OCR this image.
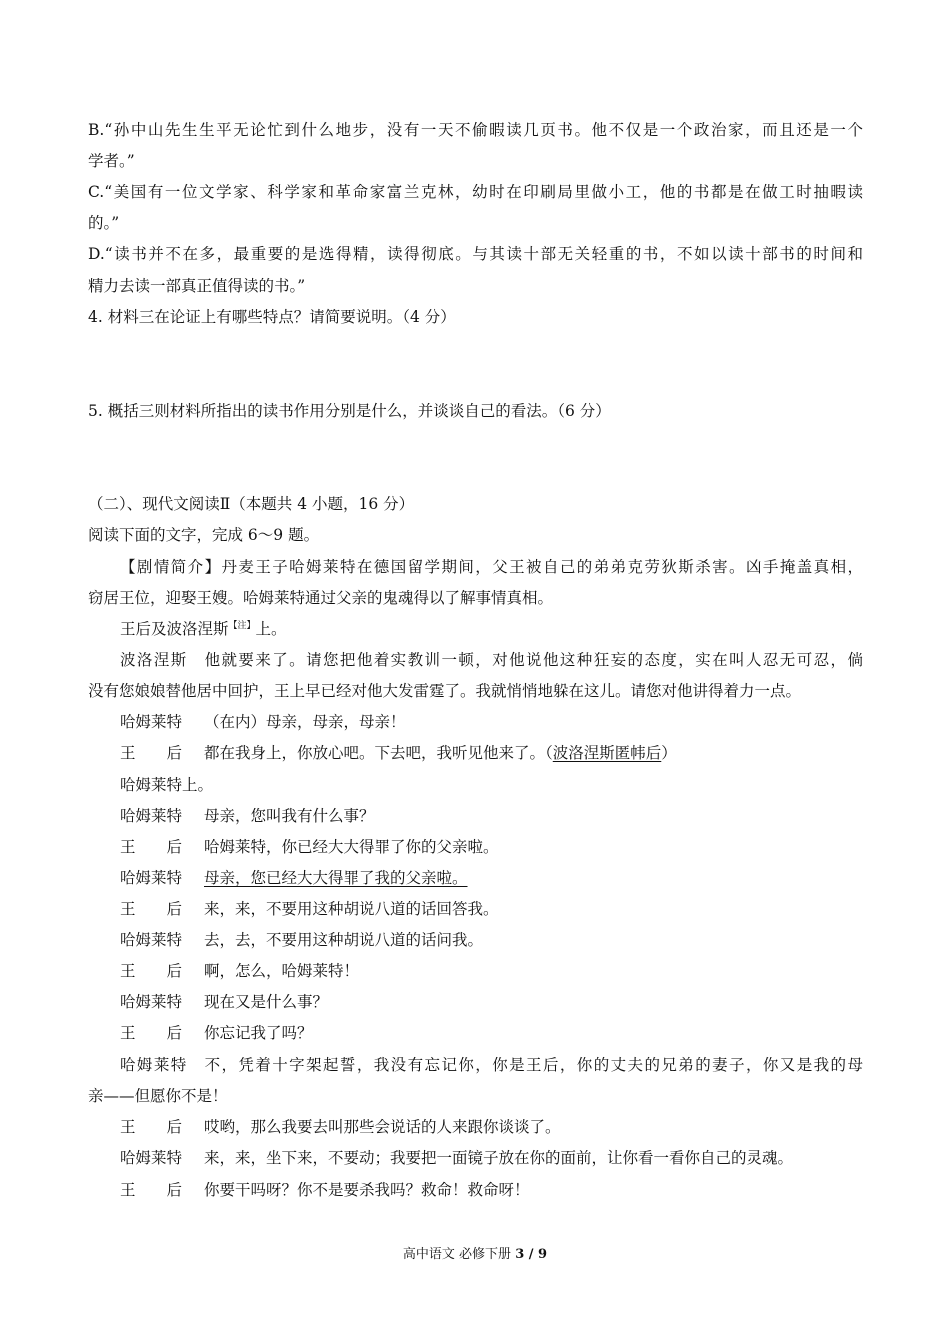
B.“孙中山先生生平无论忙到什么地步，没有一天不偷暇读几页书。他不仅是一个政治家，而且还是一个
学者。”
C.“美国有一位文学家、科学家和革命家富兰克林，幼时在印刷局里做小工，他的书都是在做工时抽暇读
的。”
D.“读书并不在多，最重要的是选得精，读得彻底。与其读十部无关轻重的书，不如以读十部书的时间和
精力去读一部真正值得读的书。”
4. 材料三在论证上有哪些特点？请简要说明。（4 分）
5. 概括三则材料所指出的读书作用分别是什么，并谈谈自己的看法。（6 分）
（二）、现代文阅读Ⅱ（本题共 4 小题，16 分）
阅读下面的文字，完成 6～9 题。
【剧情简介】丹麦王子哈姆莱特在德国留学期间，父王被自己的弟弟克劳狄斯杀害。凶手掩盖真相，
窃居王位，迎娶王嫂。哈姆莱特通过父亲的鬼魂得以了解事情真相。
王后及波洛涅斯$^{【注】}$上。
波洛涅斯　 他就要来了。请您把他着实教训一顿，对他说他这种狂妄的态度，实在叫人忍无可忍，倘
没有您娘娘替他居中回护，王上早已经对他大发雷霆了。我就悄悄地躲在这儿。请您对他讲得着力一点。
哈姆莱特 （在内）母亲，母亲，母亲！
王　　后 都在我身上，你放心吧。下去吧，我听见他来了。（波洛涅斯匿帏后）
哈姆莱特上。
哈姆莱特 母亲，您叫我有什么事？
王　　后 哈姆莱特，你已经大大得罪了你的父亲啦。
哈姆莱特 母亲，您已经大大得罪了我的父亲啦。
王　　后 来，来，不要用这种胡说八道的话回答我。
哈姆莱特 去，去，不要用这种胡说八道的话问我。
王　　后 啊，怎么，哈姆莱特！
哈姆莱特 现在又是什么事？
王　　后 你忘记我了吗？
哈姆莱特　 不，凭着十字架起誓，我没有忘记你，你是王后，你的丈夫的兄弟的妻子，你又是我的母
亲——但愿你不是！
王　　后 哎哟，那么我要去叫那些会说话的人来跟你谈谈了。
哈姆莱特 来，来，坐下来，不要动；我要把一面镜子放在你的面前，让你看一看你自己的灵魂。
王　　后 你要干吗呀？你不是要杀我吗？救命！救命呀！
高中语文 必修下册 3 / 9
